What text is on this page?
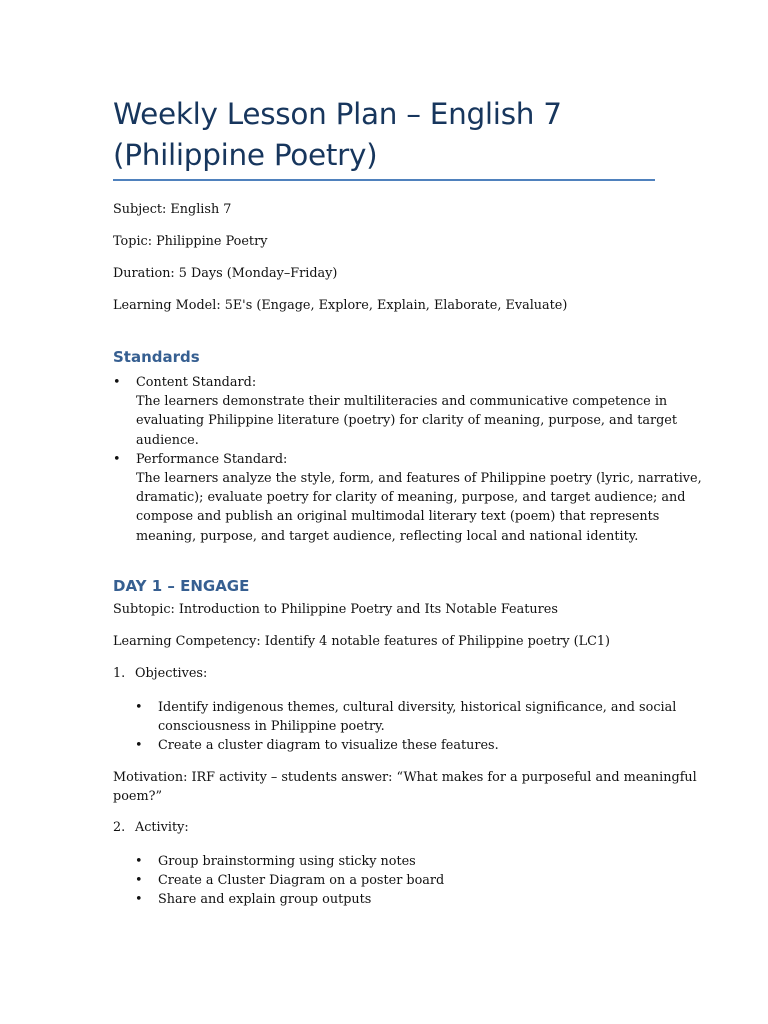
Weekly Lesson Plan – English 7 (Philippine Poetry)
Subject: English 7
Topic: Philippine Poetry
Duration: 5 Days (Monday–Friday)
Learning Model: 5E's (Engage, Explore, Explain, Elaborate, Evaluate)
Standards
• Content Standard:
The learners demonstrate their multiliteracies and communicative competence in
evaluating Philippine literature (poetry) for clarity of meaning, purpose, and target
audience.
• Performance Standard:
The learners analyze the style, form, and features of Philippine poetry (lyric, narrative,
dramatic); evaluate poetry for clarity of meaning, purpose, and target audience; and
compose and publish an original multimodal literary text (poem) that represents
meaning, purpose, and target audience, reflecting local and national identity.
DAY 1 – ENGAGE
Subtopic: Introduction to Philippine Poetry and Its Notable Features
Learning Competency: Identify 4 notable features of Philippine poetry (LC1)
1. Objectives:
• Identify indigenous themes, cultural diversity, historical significance, and social
consciousness in Philippine poetry.
• Create a cluster diagram to visualize these features.
Motivation: IRF activity – students answer: “What makes for a purposeful and meaningful
poem?”
2. Activity:
• Group brainstorming using sticky notes
• Create a Cluster Diagram on a poster board
• Share and explain group outputs
